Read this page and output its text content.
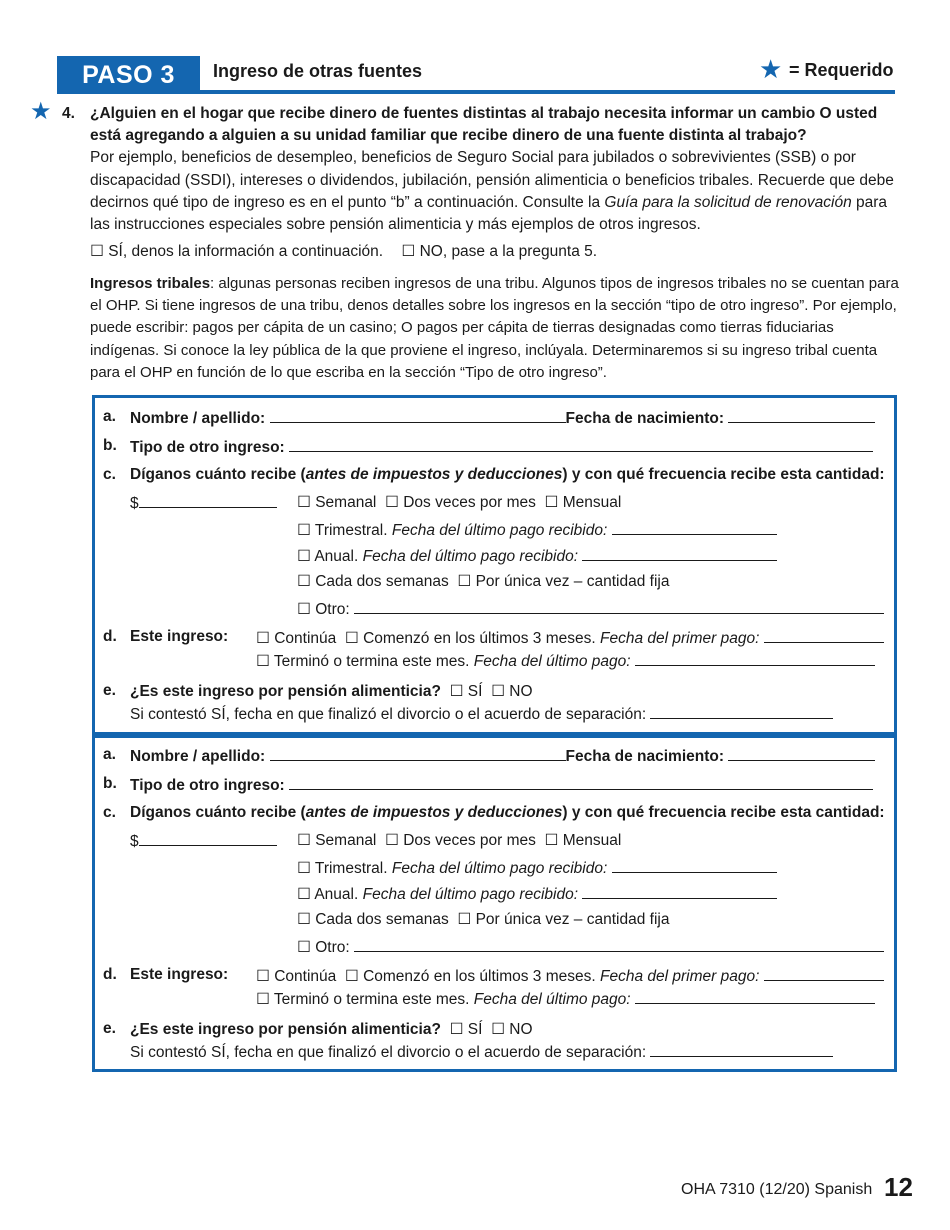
PASO 3	Ingreso de otras fuentes	★ = Requerido
★ 4. ¿Alguien en el hogar que recibe dinero de fuentes distintas al trabajo necesita informar un cambio O usted está agregando a alguien a su unidad familiar que recibe dinero de una fuente distinta al trabajo?
Por ejemplo, beneficios de desempleo, beneficios de Seguro Social para jubilados o sobrevivientes (SSB) o por discapacidad (SSDI), intereses o dividendos, jubilación, pensión alimenticia o beneficios tribales. Recuerde que debe decirnos qué tipo de ingreso es en el punto “b” a continuación. Consulte la Guía para la solicitud de renovación para las instrucciones especiales sobre pensión alimenticia y más ejemplos de otros ingresos.
☐ SÍ, denos la información a continuación. ☐ NO, pase a la pregunta 5.
Ingresos tribales: algunas personas reciben ingresos de una tribu. Algunos tipos de ingresos tribales no se cuentan para el OHP. Si tiene ingresos de una tribu, denos detalles sobre los ingresos en la sección “tipo de otro ingreso”. Por ejemplo, puede escribir: pagos per cápita de un casino; O pagos per cápita de tierras designadas como tierras fiduciarias indígenas. Si conoce la ley pública de la que proviene el ingreso, inclúyala. Determinaremos si su ingreso tribal cuenta para el OHP en función de lo que escriba en la sección “Tipo de otro ingreso”.
a. Nombre / apellido:	Fecha de nacimiento:
b. Tipo de otro ingreso:
c. Díganos cuánto recibe (antes de impuestos y deducciones) y con qué frecuencia recibe esta cantidad:
$	☐ Semanal ☐ Dos veces por mes ☐ Mensual
☐ Trimestral. Fecha del último pago recibido:
☐ Anual. Fecha del último pago recibido:
☐ Cada dos semanas ☐ Por única vez – cantidad fija
☐ Otro:
d. Este ingreso: ☐ Continúa ☐ Comenzó en los últimos 3 meses. Fecha del primer pago:
☐ Terminó o termina este mes. Fecha del último pago:
e. ¿Es este ingreso por pensión alimenticia? ☐ SÍ ☐ NO
Si contestó SÍ, fecha en que finalizó el divorcio o el acuerdo de separación:
a. Nombre / apellido:	Fecha de nacimiento:
b. Tipo de otro ingreso:
c. Díganos cuánto recibe (antes de impuestos y deducciones) y con qué frecuencia recibe esta cantidad:
$	☐ Semanal ☐ Dos veces por mes ☐ Mensual
☐ Trimestral. Fecha del último pago recibido:
☐ Anual. Fecha del último pago recibido:
☐ Cada dos semanas ☐ Por única vez – cantidad fija
☐ Otro:
d. Este ingreso: ☐ Continúa ☐ Comenzó en los últimos 3 meses. Fecha del primer pago:
☐ Terminó o termina este mes. Fecha del último pago:
e. ¿Es este ingreso por pensión alimenticia? ☐ SÍ ☐ NO
Si contestó SÍ, fecha en que finalizó el divorcio o el acuerdo de separación:
OHA 7310 (12/20) Spanish 12
